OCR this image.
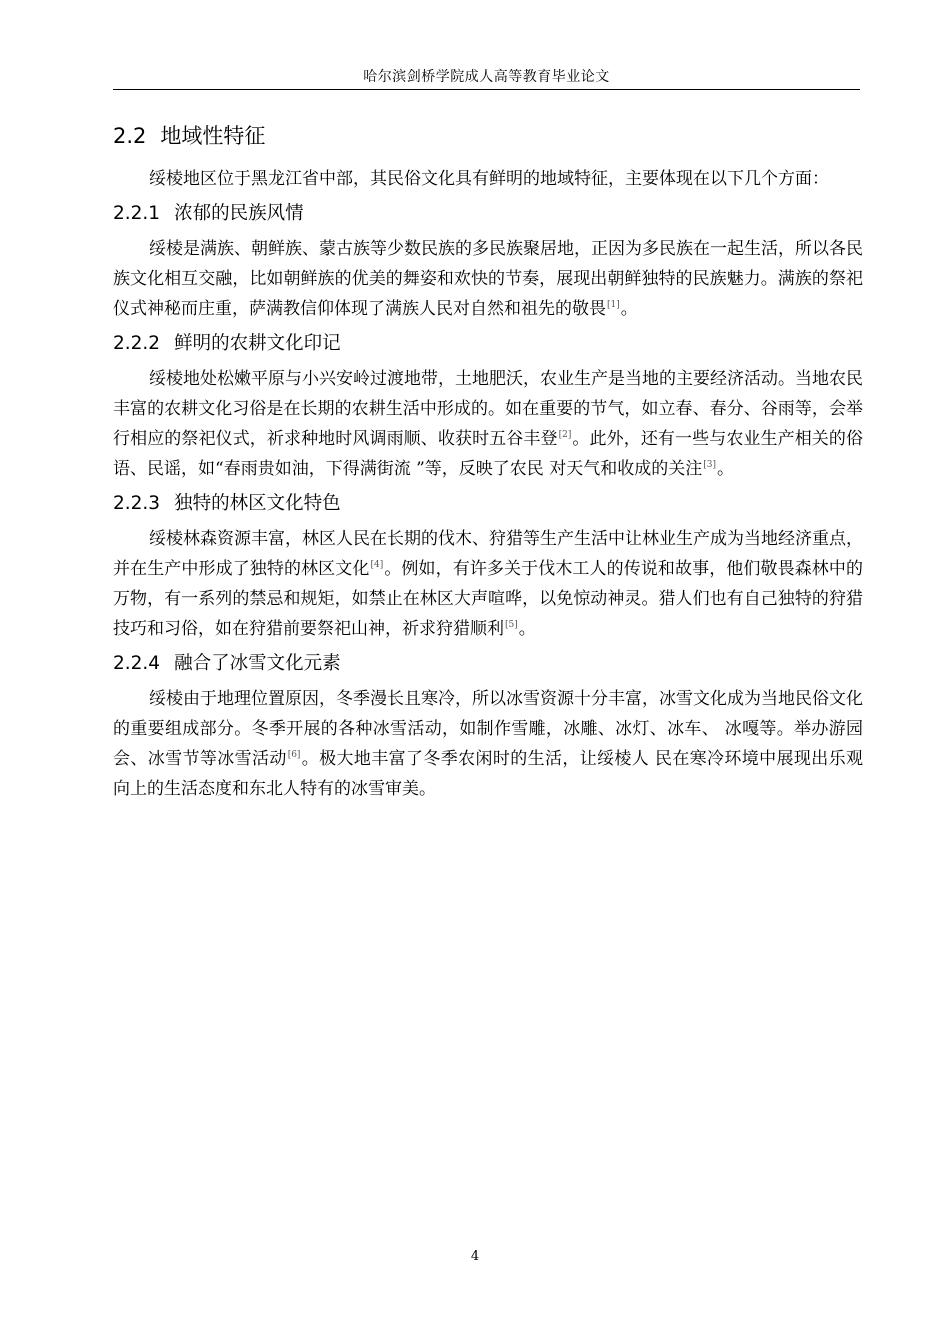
哈尔滨剑桥学院成人高等教育毕业论文
2.2 地域性特征

绥棱地区位于黑龙江省中部，其民俗文化具有鲜明的地域特征，主要体现在以下几个方面：

2.2.1 浓郁的民族风情

绥棱是满族、朝鲜族、蒙古族等少数民族的多民族聚居地，正因为多民族在一起生活，所以各民族文化相互交融，比如朝鲜族的优美的舞姿和欢快的节奏，展现出朝鲜独特的民族魅力。满族的祭祀仪式神秘而庄重，萨满教信仰体现了满族人民对自然和祖先的敬畏[1]。

2.2.2 鲜明的农耕文化印记

绥棱地处松嫩平原与小兴安岭过渡地带，土地肥沃，农业生产是当地的主要经济活动。当地农民丰富的农耕文化习俗是在长期的农耕生活中形成的。如在重要的节气，如立春、春分、谷雨等，会举行相应的祭祀仪式，祈求种地时风调雨顺、收获时五谷丰登[2]。此外，还有一些与农业生产相关的俗语、民谣，如“春雨贵如油，下得满街流 ”等，反映了农民 对天气和收成的关注[3]。

2.2.3 独特的林区文化特色

绥棱林森资源丰富，林区人民在长期的伐木、狩猎等生产生活中让林业生产成为当地经济重点，并在生产中形成了独特的林区文化[4]。例如，有许多关于伐木工人的传说和故事，他们敬畏森林中的万物，有一系列的禁忌和规矩，如禁止在林区大声喧哗，以免惊动神灵。猎人们也有自己独特的狩猎技巧和习俗，如在狩猎前要祭祀山神，祈求狩猎顺利[5]。

2.2.4 融合了冰雪文化元素

绥棱由于地理位置原因，冬季漫长且寒冷，所以冰雪资源十分丰富，冰雪文化成为当地民俗文化的重要组成部分。冬季开展的各种冰雪活动，如制作雪雕，冰雕、冰灯、冰车、 冰嘎等。举办游园会、冰雪节等冰雪活动[6]。极大地丰富了冬季农闲时的生活，让绥棱人 民在寒冷环境中展现出乐观向上的生活态度和东北人特有的冰雪审美。

4
